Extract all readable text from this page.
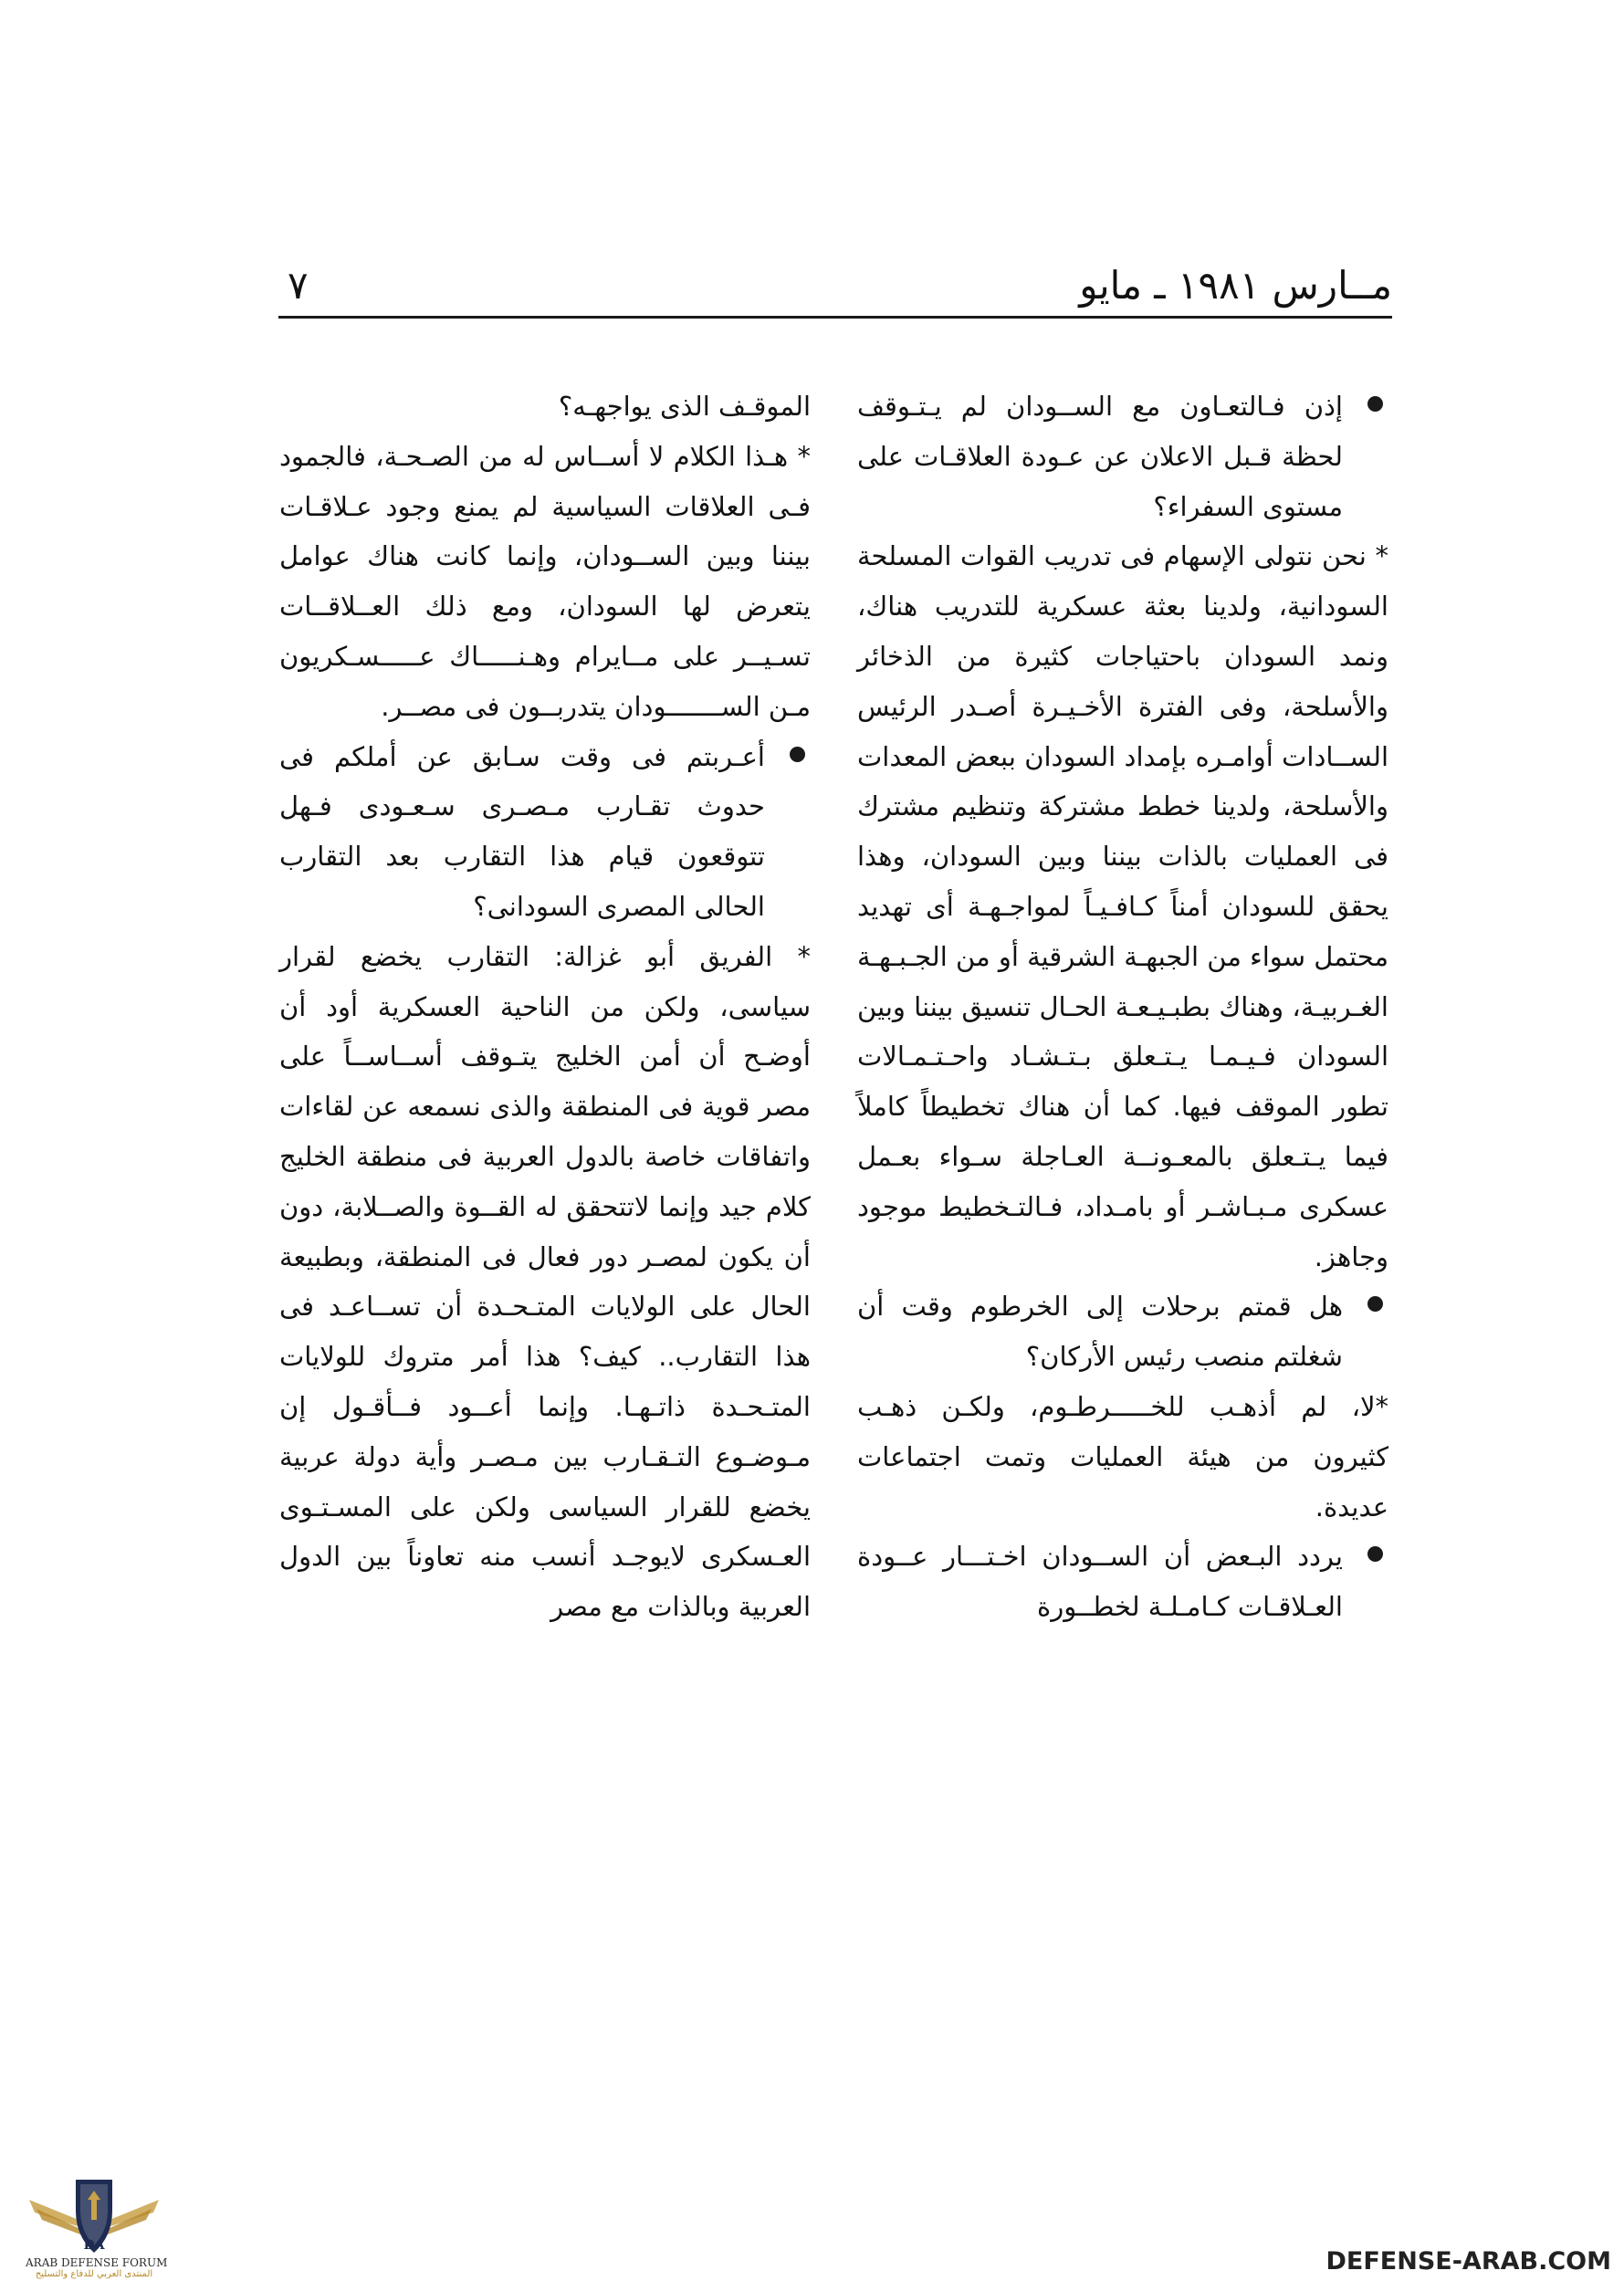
مــارس ١٩٨١ ـ مايو
٧

إذن فـالتعـاون مع الســودان لم يـتـوقف لحظة قـبل الاعلان عن عـودة العلاقـات على مستوى السفراء؟

* نحن نتولى الإسهام فى تدريب القوات المسلحة السودانية، ولدينا بعثة عسكرية للتدريب هناك، ونمد السودان باحتياجات كثيرة من الذخائر والأسلحة، وفى الفترة الأخـيـرة أصـدر الرئيس الســادات أوامـره بإمداد السودان ببعض المعدات والأسلحة، ولدينا خطط مشتركة وتنظيم مشترك فى العمليات بالذات بيننا وبين السودان، وهذا يحقق للسودان أمناً كـافـيـاً لمواجـهـة أى تهديد محتمل سواء من الجبهـة الشرقية أو من الجـبـهـة الغـربيـة، وهناك بطبـيـعـة الحـال تنسيق بيننا وبين السودان فـيـمـا يـتـعلق بـتـشـاد واحـتـمـالات تطور الموقف فيها. كما أن هناك تخطيطاً كاملاً فيما يـتـعلق بالمعـونــة العـاجلة سـواء بعـمل عسكرى مـبـاشـر أو بامـداد، فـالتـخطيط موجود وجاهز.

هل قمتم برحلات إلى الخرطوم وقت أن شغلتم منصب رئيس الأركان؟

*لا، لم أذهـب للخـــــرطـوم، ولكـن ذهـب كثيرون من هيئة العمليات وتمت اجتماعات عديدة.

يردد البـعض أن الســودان اخـتـــار عــودة العـلاقـات كـامـلـة لخطــورة

الموقـف الذى يواجهـه؟

* هـذا الكلام لا أســاس له من الصـحـة، فالجمود فـى العلاقات السياسية لم يمنع وجود عـلاقـات بيننا وبين الســودان، وإنما كانت هناك عوامل يتعرض لها السودان، ومع ذلك العــلاقــات تسـيــر على مــايرام وهـنـــــاك عـــــسـكريون مـن الســـــــودان يتدربــون فى مصــر.

أعـربتم فى وقت سـابق عن أملكم فى حدوث تقـارب مـصـرى سـعـودى فـهل تتوقعون قيام هذا التقارب بعد التقارب الحالى المصرى السودانى؟

* الفريق أبو غزالة: التقارب يخضع لقرار سياسى، ولكن من الناحية العسكرية أود أن أوضـح أن أمن الخليج يتـوقف أســاســاً على مصر قوية فى المنطقة والذى نسمعه عن لقاءات واتفاقات خاصة بالدول العربية فى منطقة الخليج كلام جيد وإنما لاتتحقق له القــوة والصــلابة، دون أن يكون لمصـر دور فعال فى المنطقة، وبطبيعة الحال على الولايات المتـحـدة أن تســاعـد فى هذا التقارب.. كيف؟ هذا أمر متروك للولايات المتـحـدة ذاتـهـا. وإنما أعــود فــأقـول إن مـوضـوع التـقـارب بين مـصـر وأية دولة عربية يخضع للقرار السياسى ولكن على المسـتـوى العـسكرى لايوجـد أنسب منه تعاوناً بين الدول العربية وبالذات مع مصر

DA
ARAB DEFENSE FORUM
المنتدى العربي للدفاع والتسليح	DEFENSE-ARAB.COM
